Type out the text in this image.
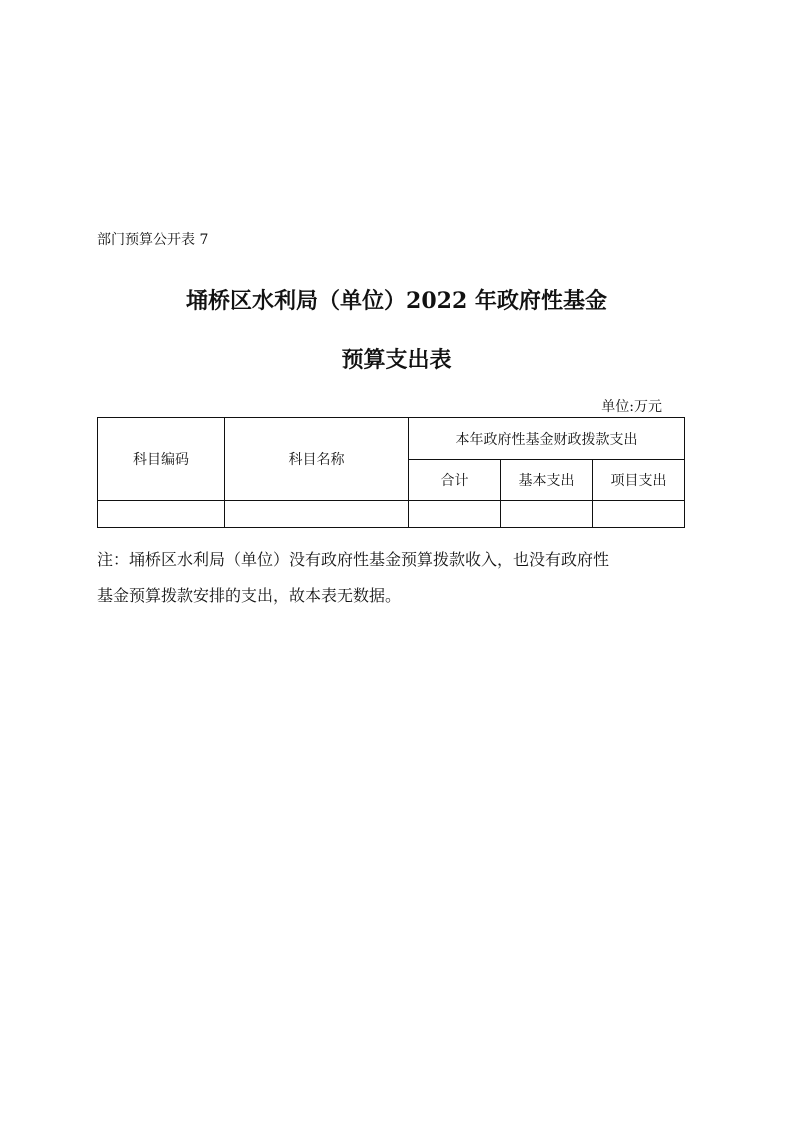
部门预算公开表 7
埇桥区水利局（单位）2022 年政府性基金
预算支出表
单位:万元
科目编码	科目名称	本年政府性基金财政拨款支出		
		合计	基本支出	项目支出

注：埇桥区水利局（单位）没有政府性基金预算拨款收入，也没有政府性

基金预算拨款安排的支出，故本表无数据。
